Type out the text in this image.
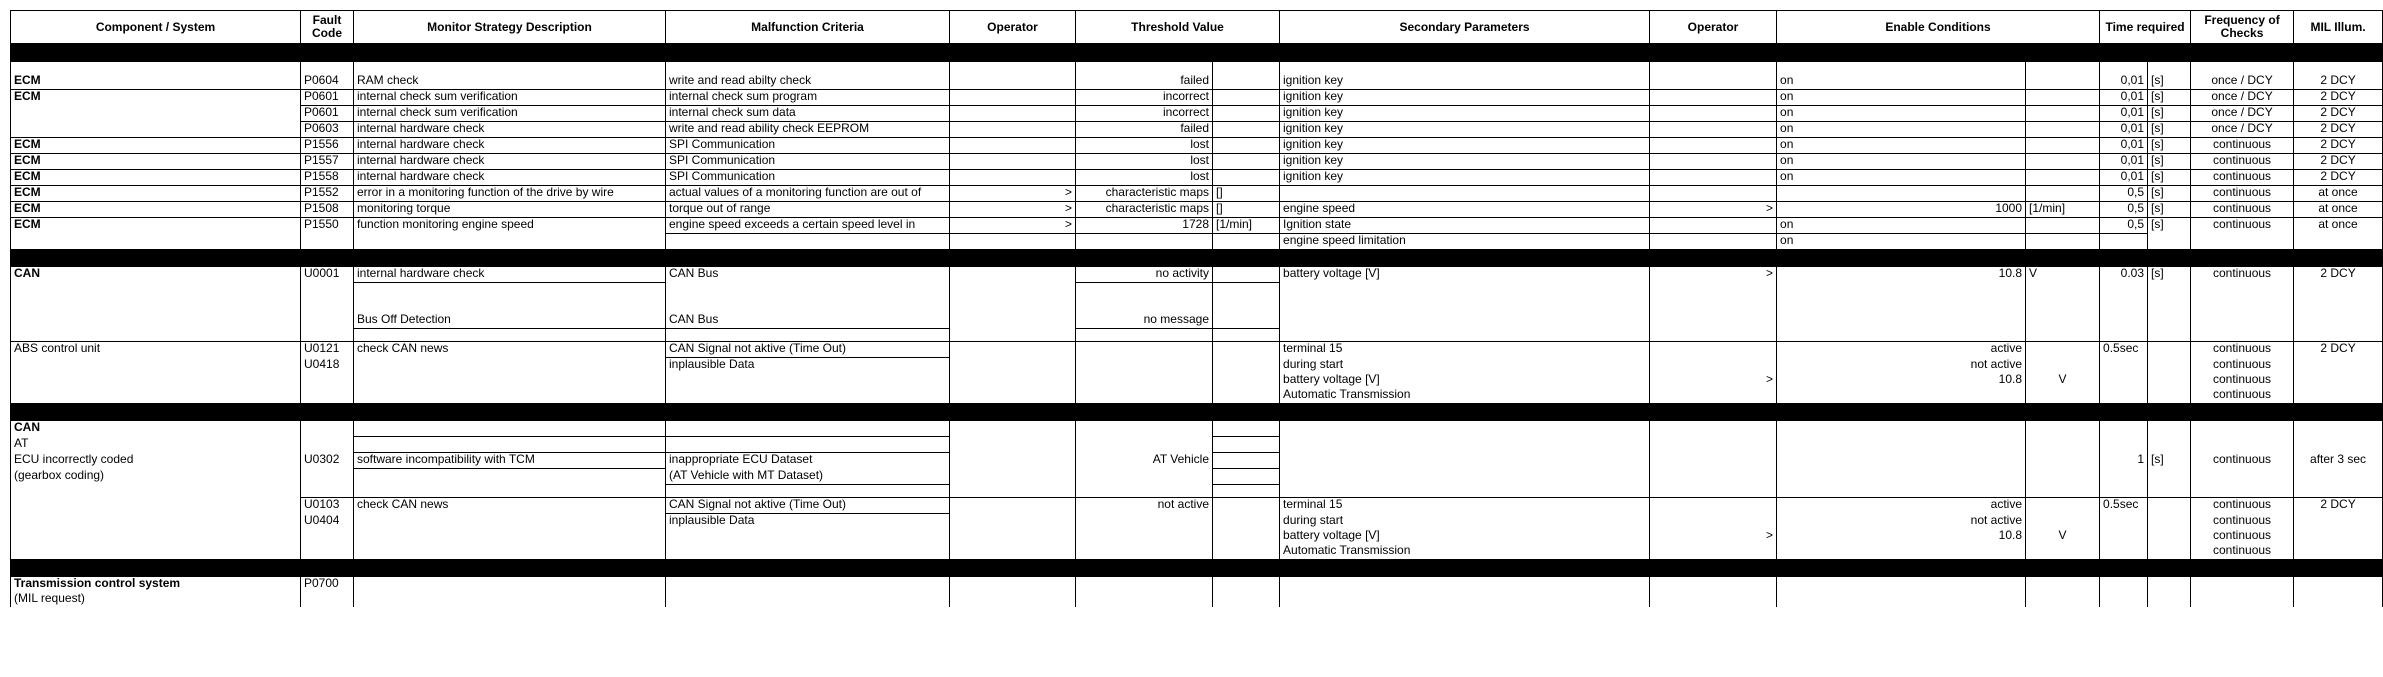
Component / System	Fault Code	Monitor Strategy Description	Malfunction Criteria	Operator	Threshold Value		Secondary Parameters	Operator	Enable Conditions		Time required		Frequency of Checks	MIL Illum.

ECM	P0604	RAM check	write and read abilty check		failed		ignition key		on		0,01	[s]	once / DCY	2 DCY
ECM	P0601	internal check sum verification	internal check sum program		incorrect		ignition key		on		0,01	[s]	once / DCY	2 DCY
	P0601	internal check sum verification	internal check sum data		incorrect		ignition key		on		0,01	[s]	once / DCY	2 DCY
	P0603	internal hardware check	write and read ability check EEPROM		failed		ignition key		on		0,01	[s]	once / DCY	2 DCY
ECM	P1556	internal hardware check	SPI Communication		lost		ignition key		on		0,01	[s]	continuous	2 DCY
ECM	P1557	internal hardware check	SPI Communication		lost		ignition key		on		0,01	[s]	continuous	2 DCY
ECM	P1558	internal hardware check	SPI Communication		lost		ignition key		on		0,01	[s]	continuous	2 DCY
ECM	P1552	error in a monitoring function of the drive by wire	actual values of a monitoring function are out of	>	characteristic maps	[]					0,5	[s]	continuous	at once
ECM	P1508	monitoring torque	torque out of range	>	characteristic maps	[]	engine speed	>	1000	[1/min]	0,5	[s]	continuous	at once
ECM	P1550	function monitoring engine speed	engine speed exceeds a certain speed level in	>	1728	[1/min]	Ignition state		on		0,5	[s]	continuous	at once
							engine speed limitation		on					

CAN	U0001	internal hardware check	CAN Bus		no activity		battery voltage [V]	>	10.8	V	0.03	[s]	continuous	2 DCY

		Bus Off Detection	CAN Bus		no message									

ABS control unit	U0121	check CAN news	CAN Signal not aktive (Time Out)				terminal 15		active		0.5sec		continuous	2 DCY
	U0418		inplausible Data				during start		not active				continuous	
							battery voltage [V]	>	10.8	V			continuous	
							Automatic Transmission						continuous	

CAN														
AT														
ECU incorrectly coded	U0302	software incompatibility with TCM	inappropriate ECU Dataset		AT Vehicle						1	[s]	continuous	after 3 sec
(gearbox coding)			(AT Vehicle with MT Dataset)											

	U0103	check CAN news	CAN Signal not aktive (Time Out)		not active		terminal 15		active		0.5sec		continuous	2 DCY
	U0404		inplausible Data				during start		not active				continuous	
							battery voltage [V]	>	10.8	V			continuous	
							Automatic Transmission						continuous	

Transmission control system	P0700													
(MIL request)														
